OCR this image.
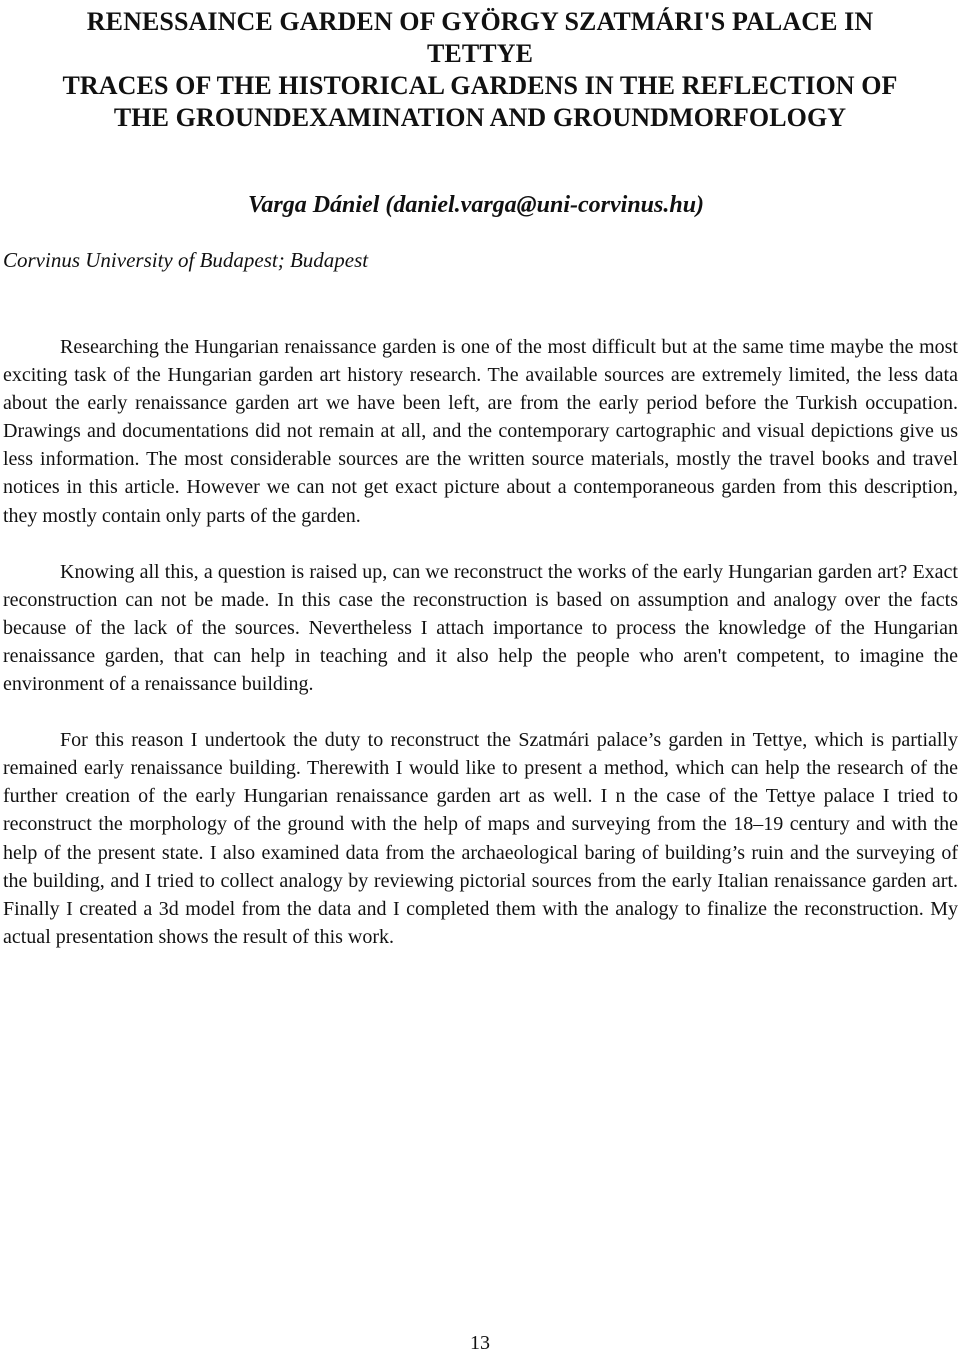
RENESSAINCE GARDEN OF GYÖRGY SZATMÁRI'S PALACE IN
TETTYE
TRACES OF THE HISTORICAL GARDENS IN THE REFLECTION OF
THE GROUNDEXAMINATION AND GROUNDMORFOLOGY

Varga Dániel (daniel.varga@uni-corvinus.hu)

Corvinus University of Budapest; Budapest

Researching the Hungarian renaissance garden is one of the most difficult but at the same time maybe the most exciting task of the Hungarian garden art history research. The available sources are extremely limited, the less data about the early renaissance garden art we have been left, are from the early period before the Turkish occupation. Drawings and documentations did not remain at all, and the contemporary cartographic and visual depictions give us less information. The most considerable sources are the written source materials, mostly the travel books and travel notices in this article. However we can not get exact picture about a contemporaneous garden from this description, they mostly contain only parts of the garden.

Knowing all this, a question is raised up, can we reconstruct the works of the early Hungarian garden art? Exact reconstruction can not be made. In this case the reconstruction is based on assumption and analogy over the facts because of the lack of the sources. Nevertheless I attach importance to process the knowledge of the Hungarian renaissance garden, that can help in teaching and it also help the people who aren't competent, to imagine the environment of a renaissance building.

For this reason I undertook the duty to reconstruct the Szatmári palace’s garden in Tettye, which is partially remained early renaissance building. Therewith I would like to present a method, which can help the research of the further creation of the early Hungarian renaissance garden art as well. I n the case of the Tettye palace I tried to reconstruct the morphology of the ground with the help of maps and surveying from the 18–19 century and with the help of the present state. I also examined data from the archaeological baring of building’s ruin and the surveying of the building, and I tried to collect analogy by reviewing pictorial sources from the early Italian renaissance garden art. Finally I created a 3d model from the data and I completed them with the analogy to finalize the reconstruction. My actual presentation shows the result of this work.

13
